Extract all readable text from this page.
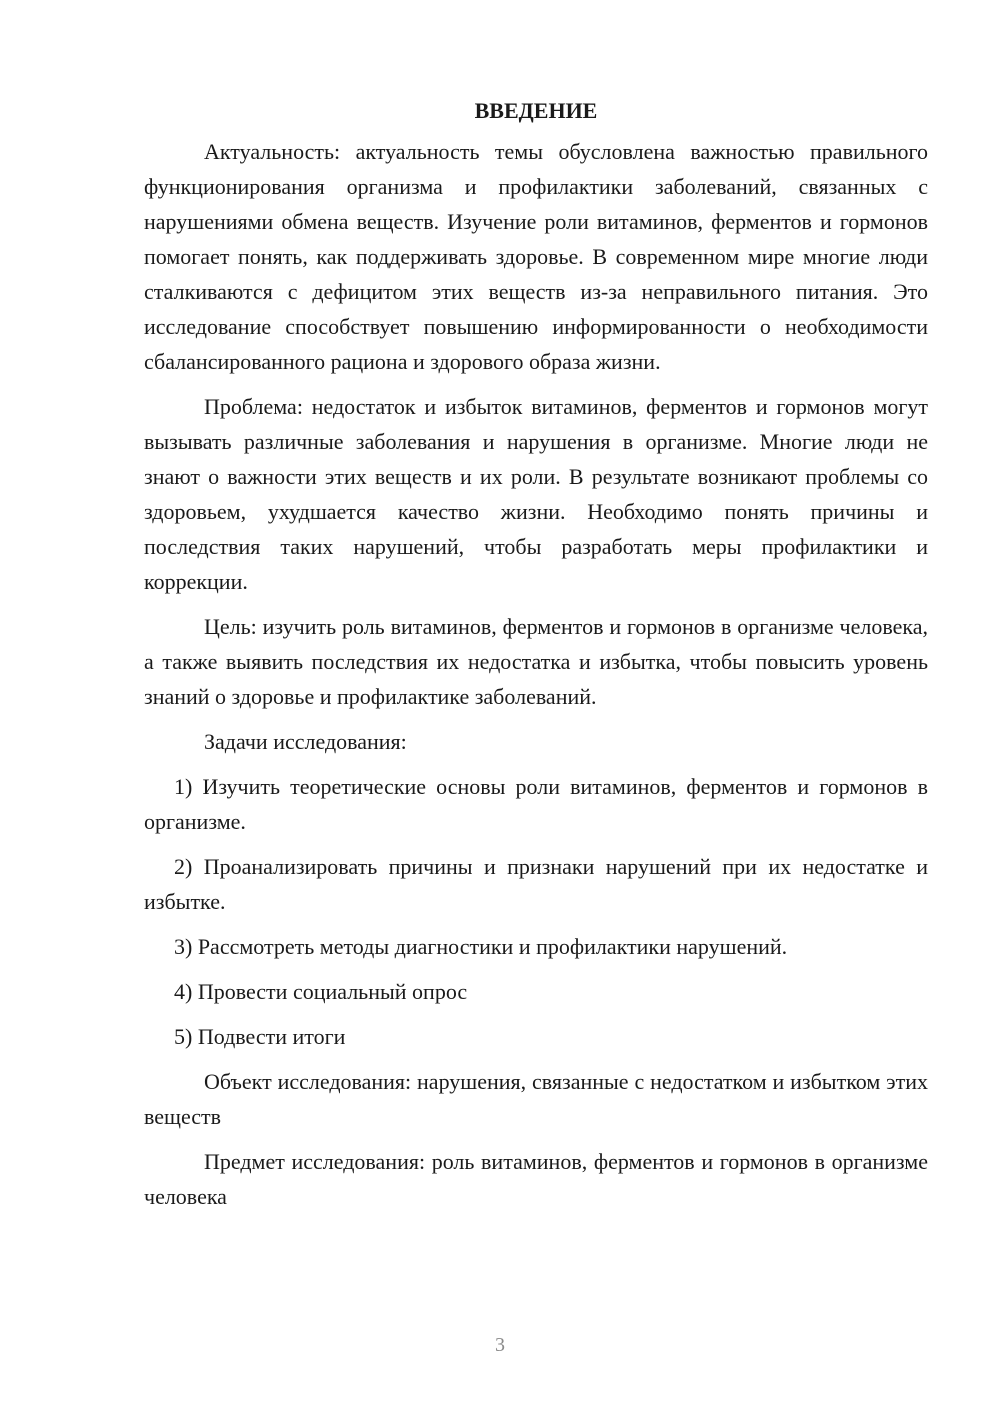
ВВЕДЕНИЕ

Актуальность: актуальность темы обусловлена важностью правильного функционирования организма и профилактики заболеваний, связанных с нарушениями обмена веществ. Изучение роли витаминов, ферментов и гормонов помогает понять, как поддерживать здоровье. В современном мире многие люди сталкиваются с дефицитом этих веществ из-за неправильного питания. Это исследование способствует повышению информированности о необходимости сбалансированного рациона и здорового образа жизни.

Проблема: недостаток и избыток витаминов, ферментов и гормонов могут вызывать различные заболевания и нарушения в организме. Многие люди не знают о важности этих веществ и их роли. В результате возникают проблемы со здоровьем, ухудшается качество жизни. Необходимо понять причины и последствия таких нарушений, чтобы разработать меры профилактики и коррекции.

Цель: изучить роль витаминов, ферментов и гормонов в организме человека, а также выявить последствия их недостатка и избытка, чтобы повысить уровень знаний о здоровье и профилактике заболеваний.

Задачи исследования:

1) Изучить теоретические основы роли витаминов, ферментов и гормонов в организме.

2) Проанализировать причины и признаки нарушений при их недостатке и избытке.

3) Рассмотреть методы диагностики и профилактики нарушений.

4) Провести социальный опрос

5) Подвести итоги

Объект исследования: нарушения, связанные с недостатком и избытком этих веществ

Предмет исследования: роль витаминов, ферментов и гормонов в организме человека

3
